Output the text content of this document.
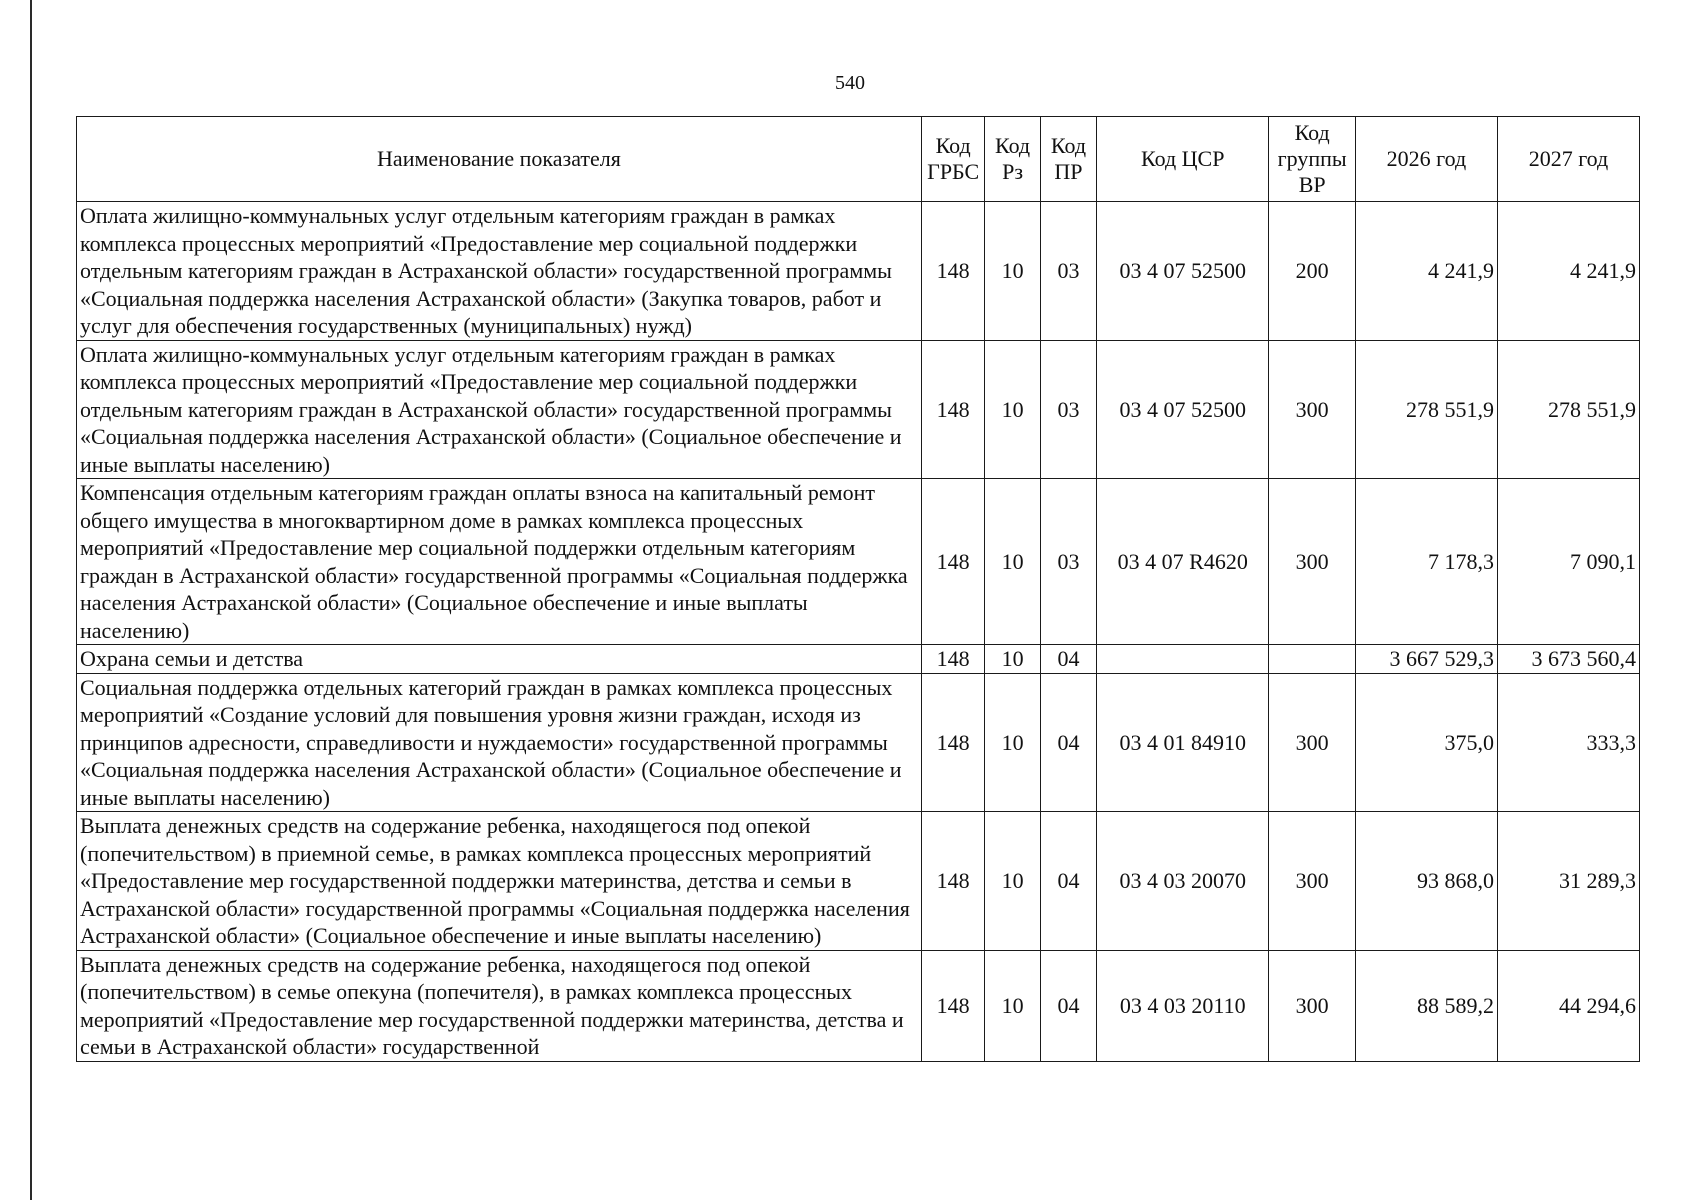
540
Наименование показателя	Код ГРБС	Код Рз	Код ПР	Код ЦСР	Код группы ВР	2026 год	2027 год
Оплата жилищно-коммунальных услуг отдельным категориям граждан в рамках комплекса процессных мероприятий «Предоставление мер социальной поддержки отдельным категориям граждан в Астраханской области» государственной программы «Социальная поддержка населения Астраханской области» (Закупка товаров, работ и услуг для обеспечения государственных (муниципальных) нужд)	148	10	03	03 4 07 52500	200	4 241,9	4 241,9
Оплата жилищно-коммунальных услуг отдельным категориям граждан в рамках комплекса процессных мероприятий «Предоставление мер социальной поддержки отдельным категориям граждан в Астраханской области» государственной программы «Социальная поддержка населения Астраханской области» (Социальное обеспечение и иные выплаты населению)	148	10	03	03 4 07 52500	300	278 551,9	278 551,9
Компенсация отдельным категориям граждан оплаты взноса на капитальный ремонт общего имущества в многоквартирном доме в рамках комплекса процессных мероприятий «Предоставление мер социальной поддержки отдельным категориям граждан в Астраханской области» государственной программы «Социальная поддержка населения Астраханской области» (Социальное обеспечение и иные выплаты населению)	148	10	03	03 4 07 R4620	300	7 178,3	7 090,1
Охрана семьи и детства	148	10	04			3 667 529,3	3 673 560,4
Социальная поддержка отдельных категорий граждан в рамках комплекса процессных мероприятий «Создание условий для повышения уровня жизни граждан, исходя из принципов адресности, справедливости и нуждаемости» государственной программы «Социальная поддержка населения Астраханской области» (Социальное обеспечение и иные выплаты населению)	148	10	04	03 4 01 84910	300	375,0	333,3
Выплата денежных средств на содержание ребенка, находящегося под опекой (попечительством) в приемной семье, в рамках комплекса процессных мероприятий «Предоставление мер государственной поддержки материнства, детства и семьи в Астраханской области» государственной программы «Социальная поддержка населения Астраханской области» (Социальное обеспечение и иные выплаты населению)	148	10	04	03 4 03 20070	300	93 868,0	31 289,3
Выплата денежных средств на содержание ребенка, находящегося под опекой (попечительством) в семье опекуна (попечителя), в рамках комплекса процессных мероприятий «Предоставление мер государственной поддержки материнства, детства и семьи в Астраханской области» государственной	148	10	04	03 4 03 20110	300	88 589,2	44 294,6
